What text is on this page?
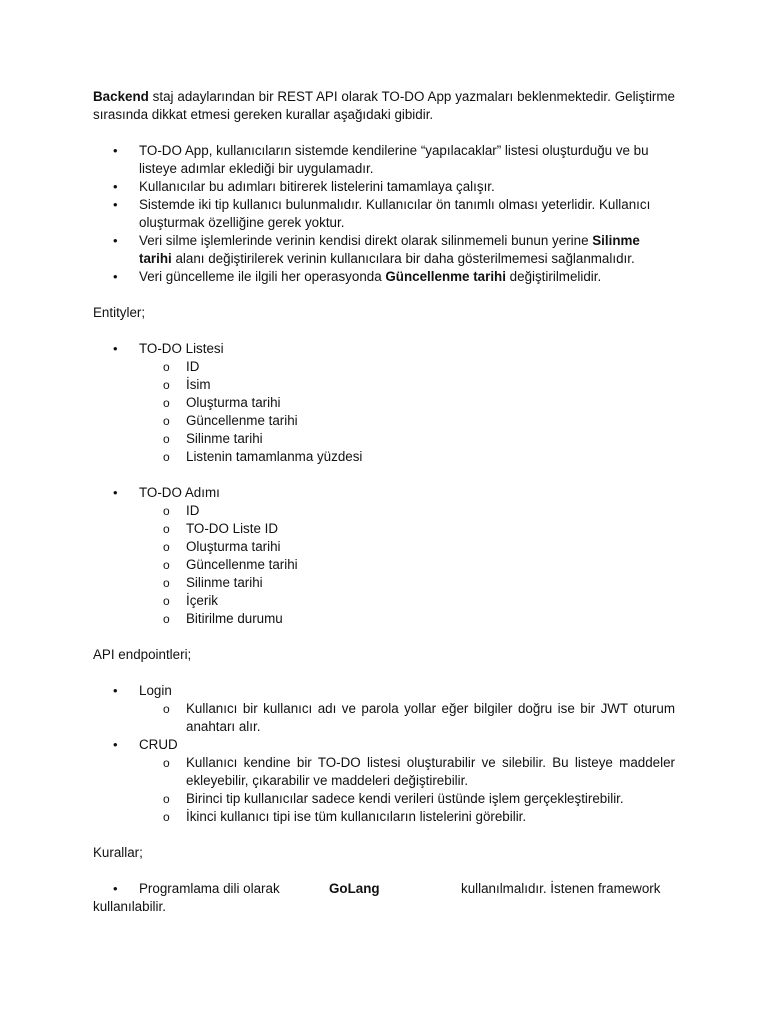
Backend staj adaylarından bir REST API olarak TO-DO App yazmaları beklenmektedir. Geliştirme sırasında dikkat etmesi gereken kurallar aşağıdaki gibidir.

•	TO-DO App, kullanıcıların sistemde kendilerine “yapılacaklar” listesi oluşturduğu ve bu listeye adımlar eklediği bir uygulamadır.
•	Kullanıcılar bu adımları bitirerek listelerini tamamlaya çalışır.
•	Sistemde iki tip kullanıcı bulunmalıdır. Kullanıcılar ön tanımlı olması yeterlidir. Kullanıcı oluşturmak özelliğine gerek yoktur.
•	Veri silme işlemlerinde verinin kendisi direkt olarak silinmemeli bunun yerine Silinme tarihi alanı değiştirilerek verinin kullanıcılara bir daha gösterilmemesi sağlanmalıdır.
•	Veri güncelleme ile ilgili her operasyonda Güncellenme tarihi değiştirilmelidir.

Entityler;

•	TO-DO Listesi
o ID
o İsim
o Oluşturma tarihi
o Güncellenme tarihi
o Silinme tarihi
o Listenin tamamlanma yüzdesi
•	TO-DO Adımı
o ID
o TO-DO Liste ID
o Oluşturma tarihi
o Güncellenme tarihi
o Silinme tarihi
o İçerik
o Bitirilme durumu

API endpointleri;

•	Login
o Kullanıcı bir kullanıcı adı ve parola yollar eğer bilgiler doğru ise bir JWT oturum anahtarı alır.
•	CRUD
o Kullanıcı kendine bir TO-DO listesi oluşturabilir ve silebilir. Bu listeye maddeler ekleyebilir, çıkarabilir ve maddeleri değiştirebilir.
o Birinci tip kullanıcılar sadece kendi verileri üstünde işlem gerçekleştirebilir.
o İkinci kullanıcı tipi ise tüm kullanıcıların listelerini görebilir.

Kurallar;

•	Programlama dili olarak	GoLang	kullanılmalıdır. İstenen framework

kullanılabilir.
